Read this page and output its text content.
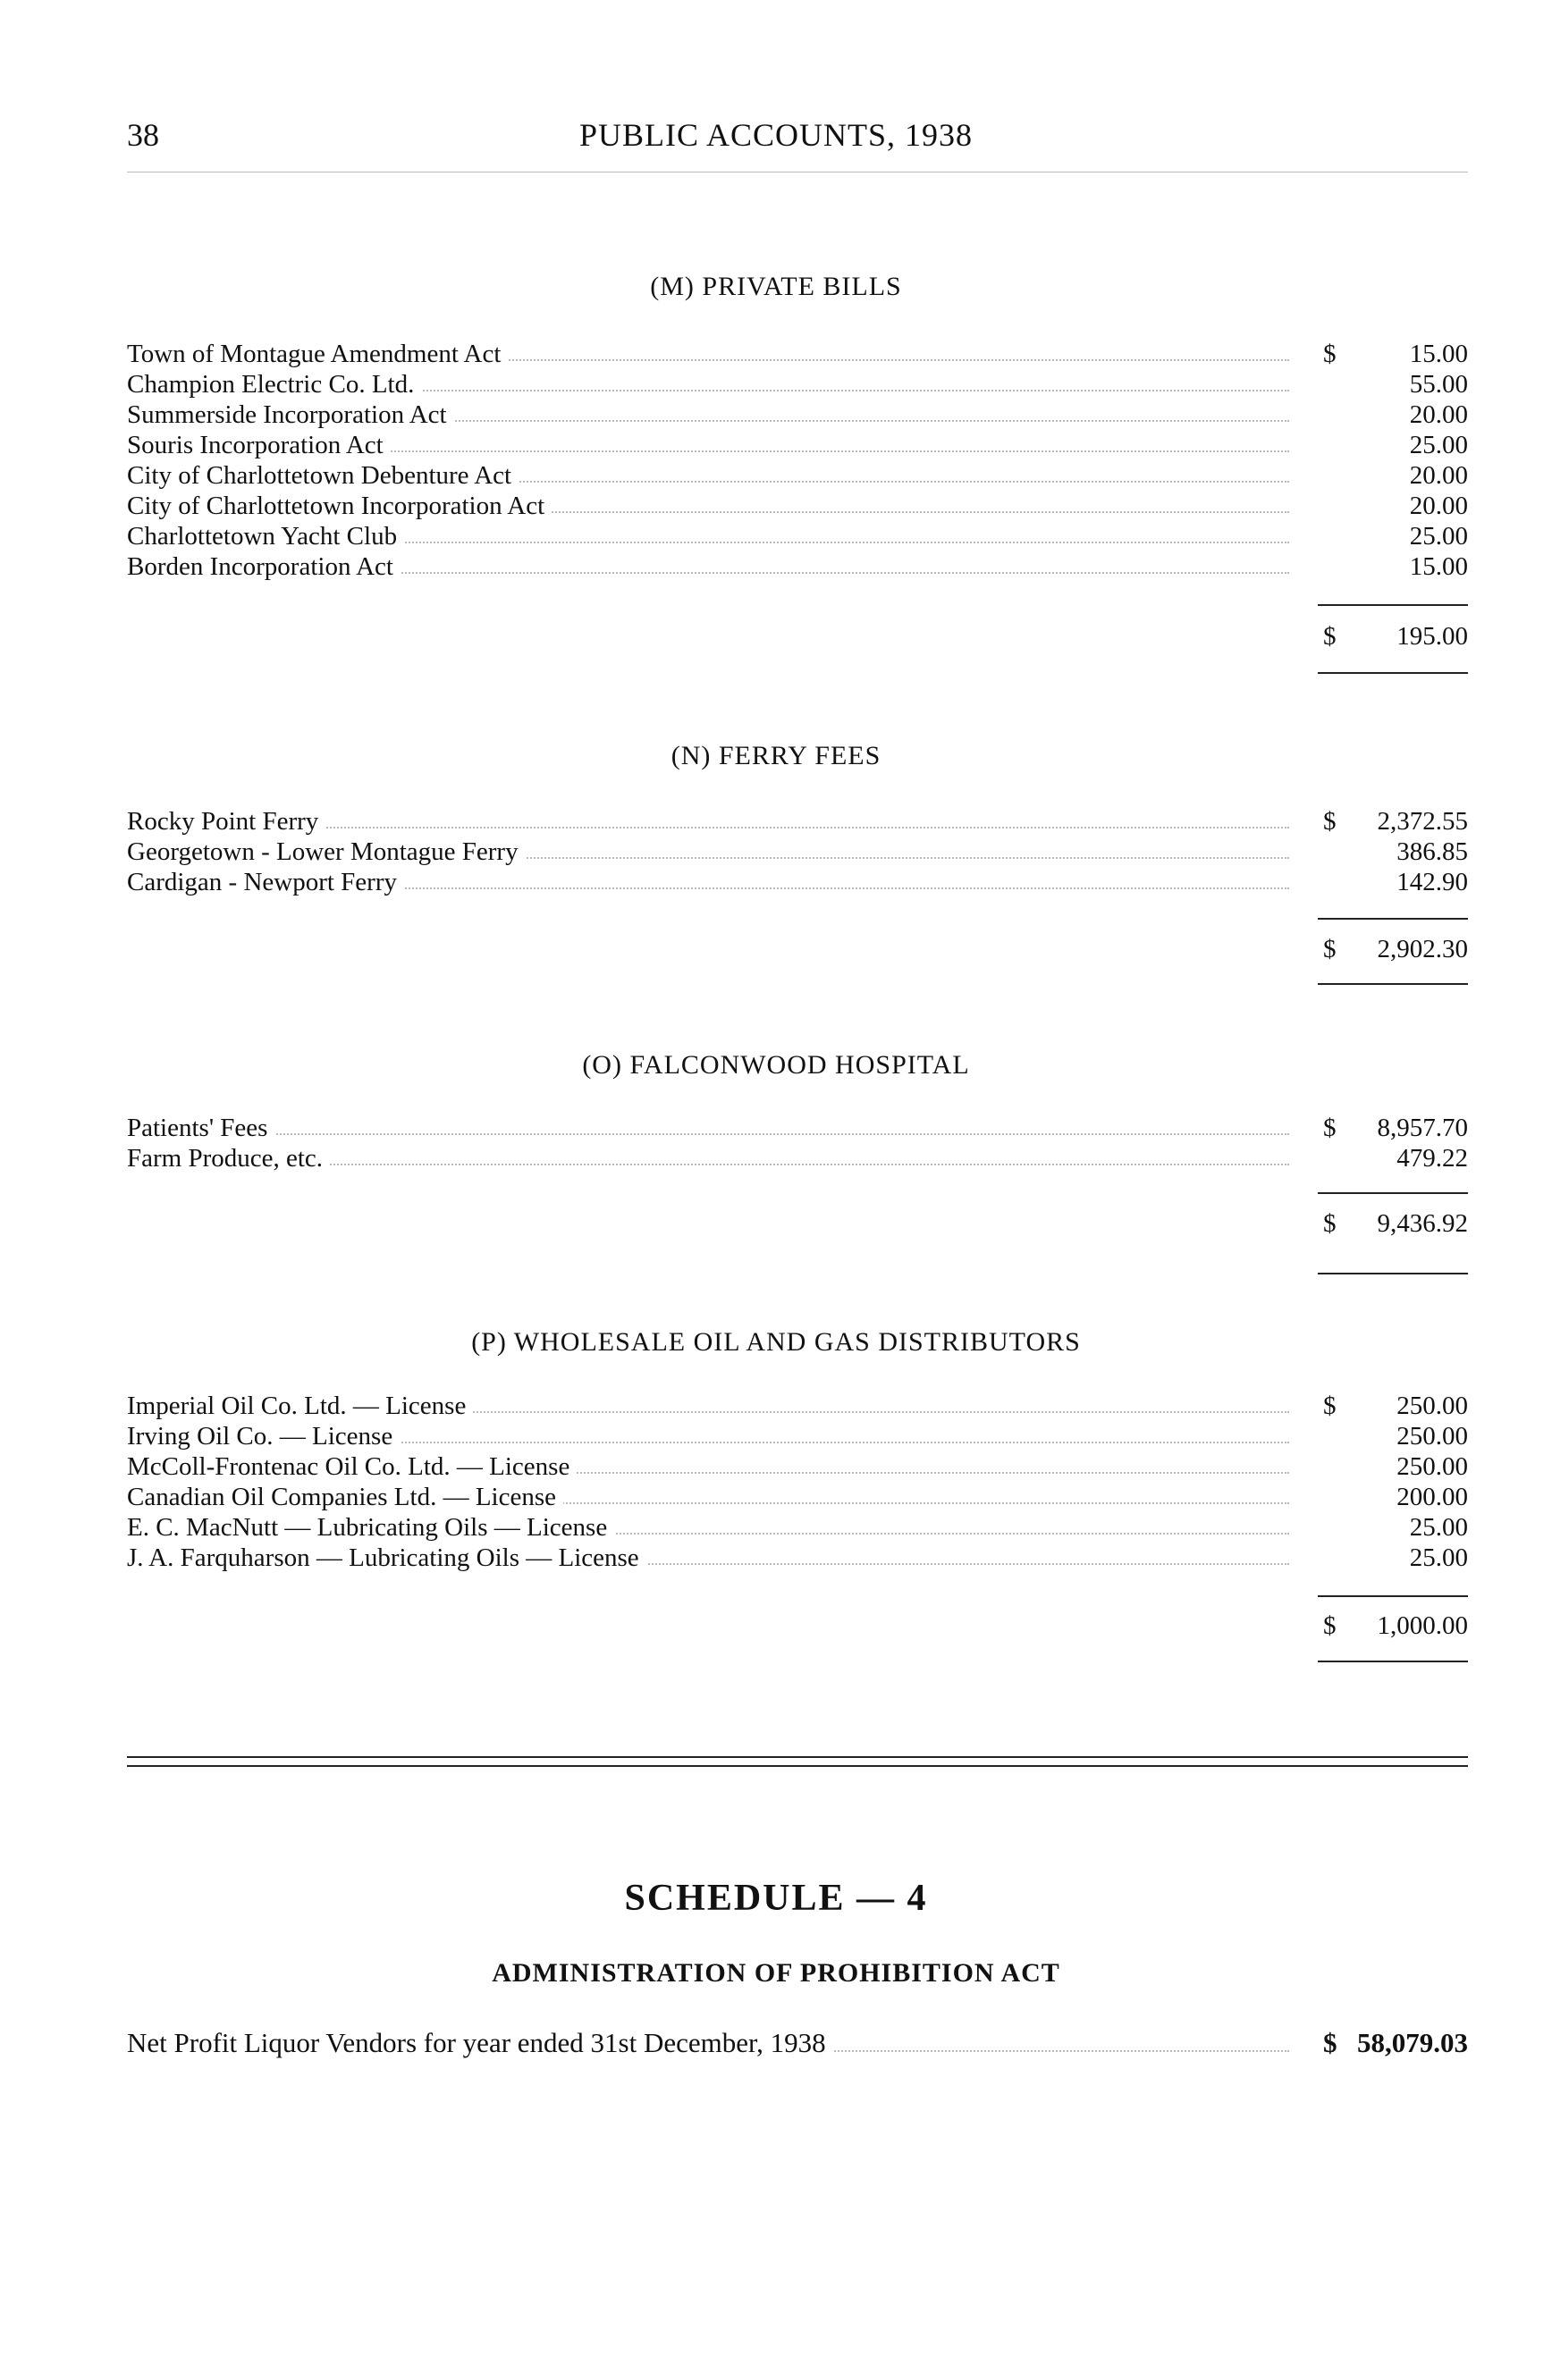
38	PUBLIC ACCOUNTS, 1938
(M) PRIVATE BILLS
Town of Montague Amendment Act	$	15.00
Champion Electric Co. Ltd.	55.00
Summerside Incorporation Act	20.00
Souris Incorporation Act	25.00
City of Charlottetown Debenture Act	20.00
City of Charlottetown Incorporation Act	20.00
Charlottetown Yacht Club	25.00
Borden Incorporation Act	15.00
$ 195.00
(N) FERRY FEES
Rocky Point Ferry	$ 2,372.55
Georgetown - Lower Montague Ferry	386.85
Cardigan - Newport Ferry	142.90
$ 2,902.30
(O) FALCONWOOD HOSPITAL
Patients' Fees	$ 8,957.70
Farm Produce, etc.	479.22
$ 9,436.92
(P) WHOLESALE OIL AND GAS DISTRIBUTORS
Imperial Oil Co. Ltd. — License	$ 250.00
Irving Oil Co. — License	250.00
McColl-Frontenac Oil Co. Ltd. — License	250.00
Canadian Oil Companies Ltd. — License	200.00
E. C. MacNutt — Lubricating Oils — License	25.00
J. A. Farquharson — Lubricating Oils — License	25.00
$ 1,000.00
SCHEDULE — 4
ADMINISTRATION OF PROHIBITION ACT
Net Profit Liquor Vendors for year ended 31st December, 1938	$ 58,079.03
